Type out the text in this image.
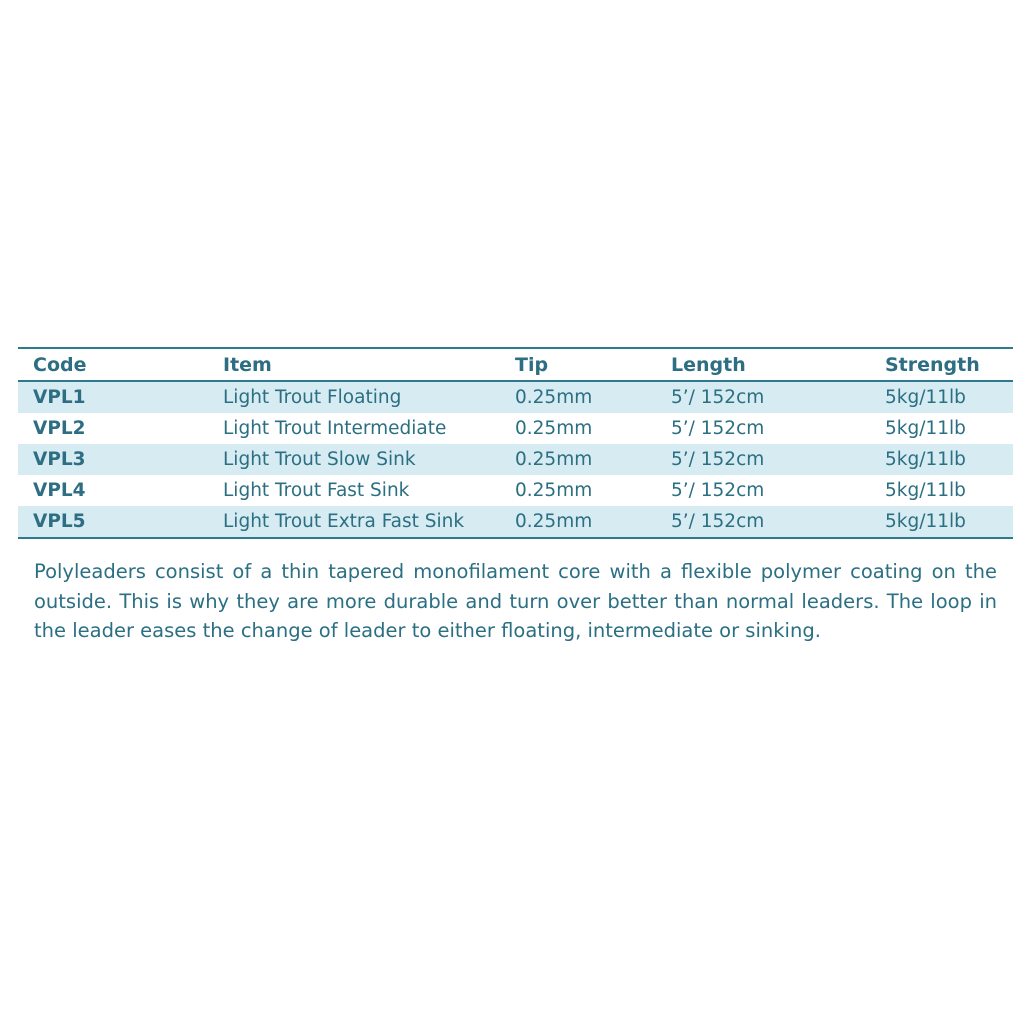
Code	Item	Tip	Length	Strength
VPL1	Light Trout Floating	0.25mm	5’/ 152cm	5kg/11lb
VPL2	Light Trout Intermediate	0.25mm	5’/ 152cm	5kg/11lb
VPL3	Light Trout Slow Sink	0.25mm	5’/ 152cm	5kg/11lb
VPL4	Light Trout Fast Sink	0.25mm	5’/ 152cm	5kg/11lb
VPL5	Light Trout Extra Fast Sink	0.25mm	5’/ 152cm	5kg/11lb

Polyleaders consist of a thin tapered monofilament core with a flexible polymer coating on the outside. This is why they are more durable and turn over better than normal leaders. The loop in the leader eases the change of leader to either floating, intermediate or sinking.
